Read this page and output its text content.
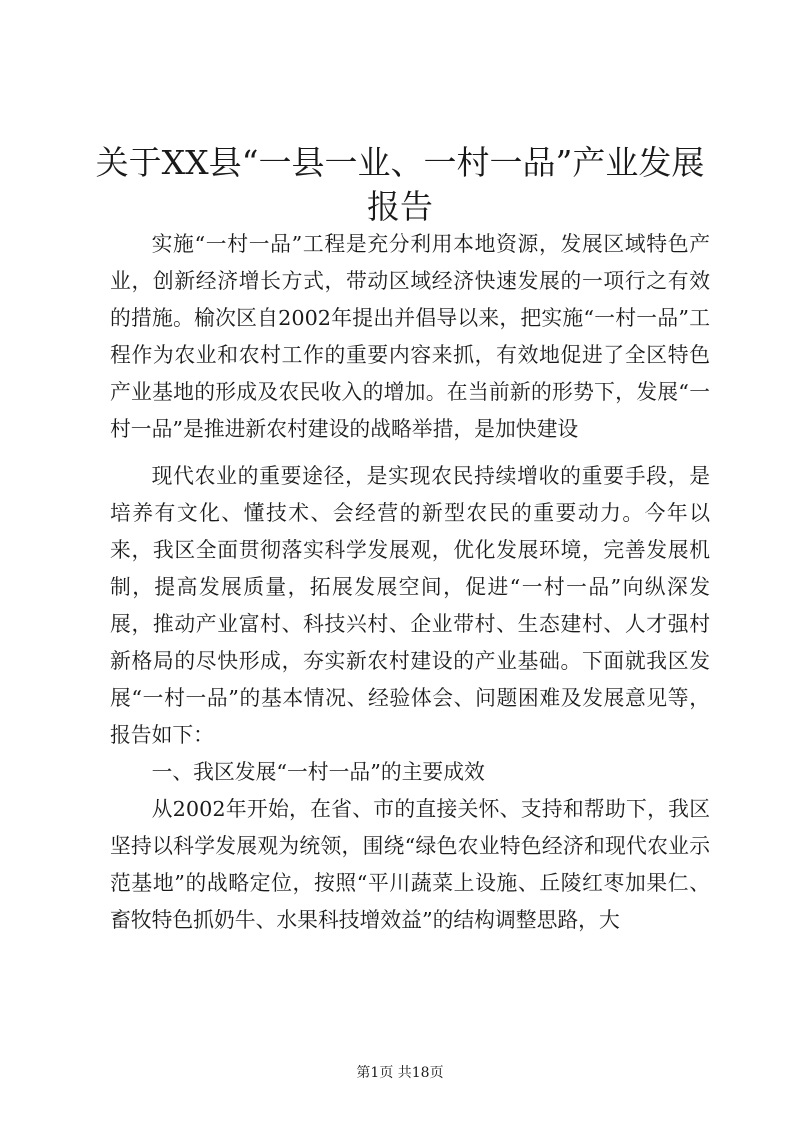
关于XX县“一县一业、一村一品”产业发展
报告

实施“一村一品”工程是充分利用本地资源，发展区域特色产业，创新经济增长方式，带动区域经济快速发展的一项行之有效的措施。榆次区自2002年提出并倡导以来，把实施“一村一品”工程作为农业和农村工作的重要内容来抓，有效地促进了全区特色产业基地的形成及农民收入的增加。在当前新的形势下，发展“一村一品”是推进新农村建设的战略举措，是加快建设

现代农业的重要途径，是实现农民持续增收的重要手段，是培养有文化、懂技术、会经营的新型农民的重要动力。今年以来，我区全面贯彻落实科学发展观，优化发展环境，完善发展机制，提高发展质量，拓展发展空间，促进“一村一品”向纵深发展，推动产业富村、科技兴村、企业带村、生态建村、人才强村新格局的尽快形成，夯实新农村建设的产业基础。下面就我区发展“一村一品”的基本情况、经验体会、问题困难及发展意见等，报告如下：

一、我区发展“一村一品”的主要成效

从2002年开始，在省、市的直接关怀、支持和帮助下，我区坚持以科学发展观为统领，围绕“绿色农业特色经济和现代农业示范基地”的战略定位，按照“平川蔬菜上设施、丘陵红枣加果仁、畜牧特色抓奶牛、水果科技增效益”的结构调整思路，大

第1页 共18页
